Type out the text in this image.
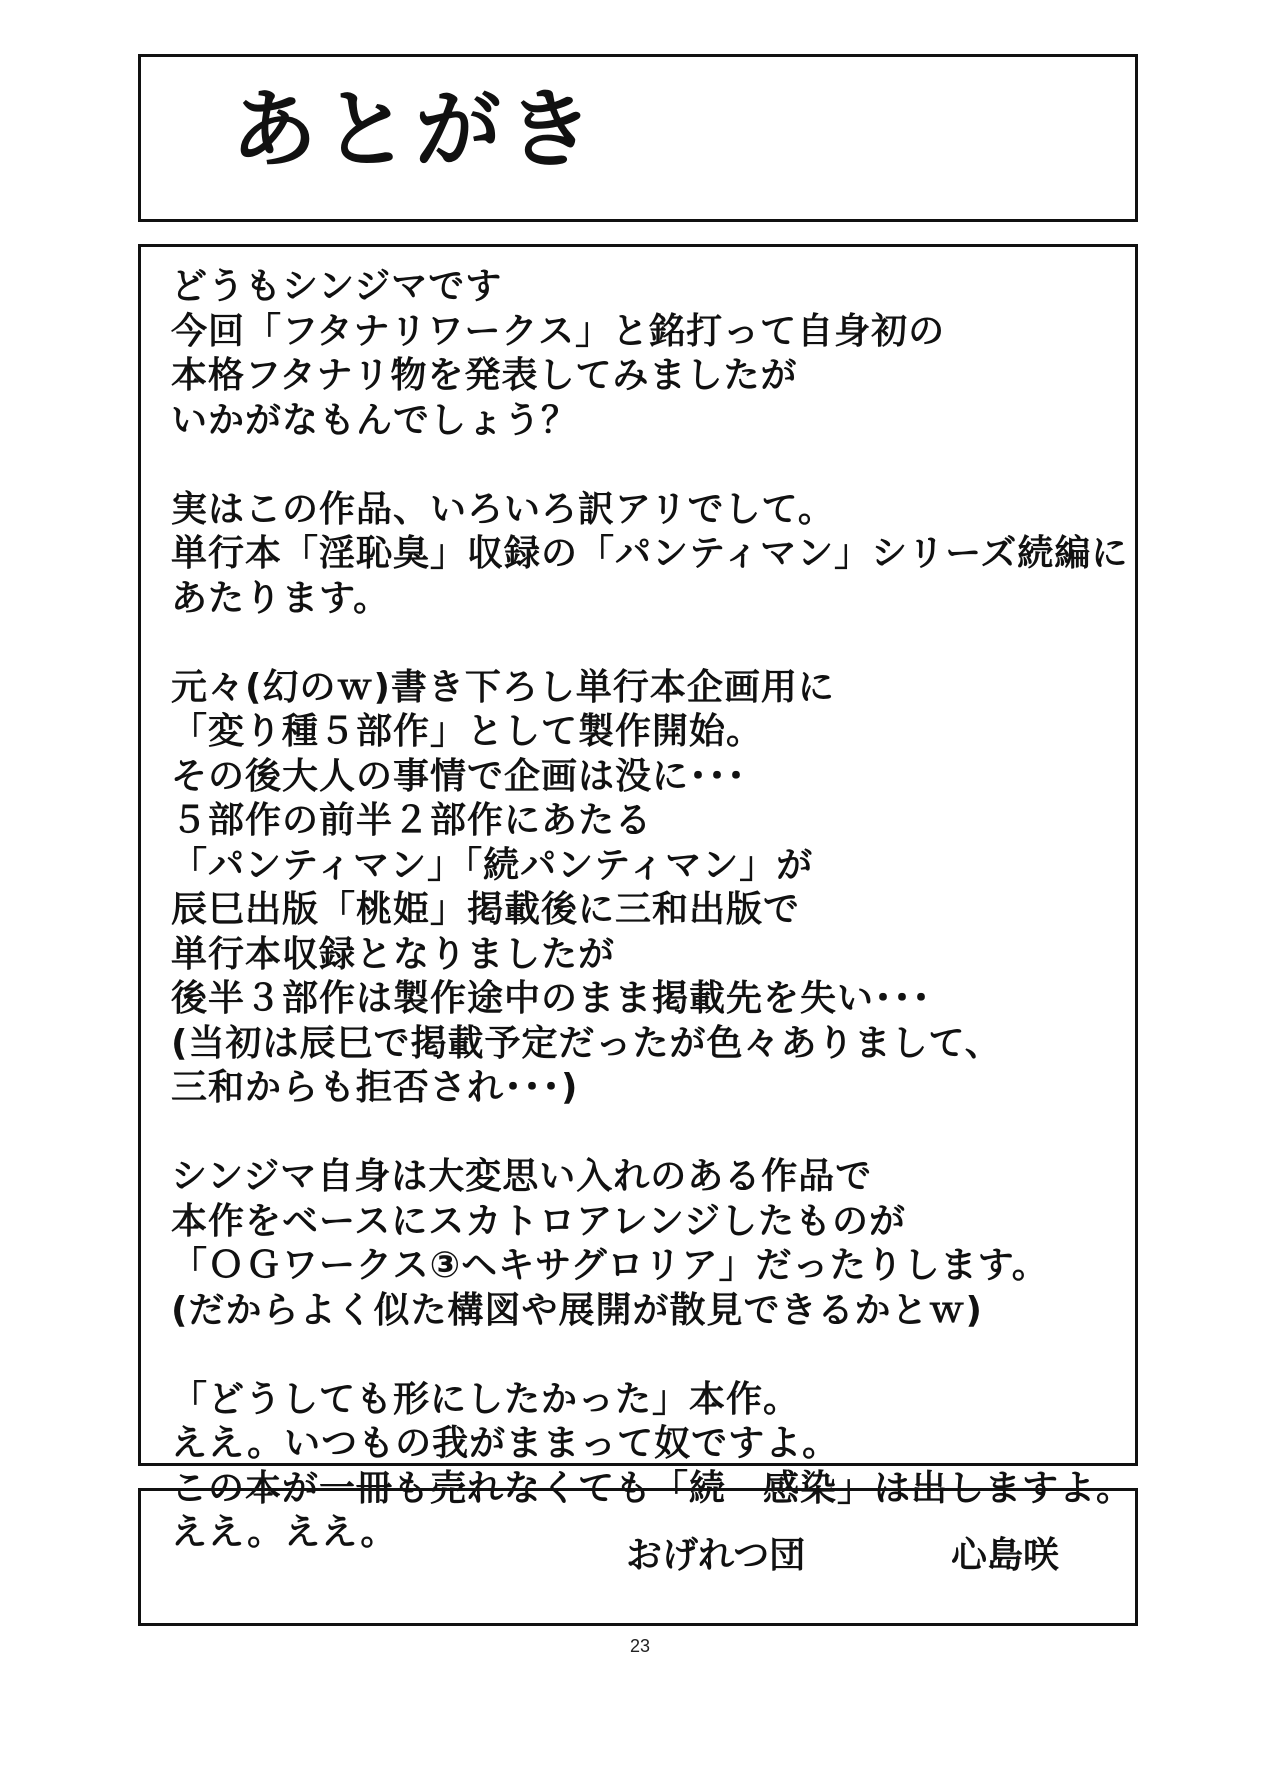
あとがき
どうもシンジマです
今回「フタナリワークス」と銘打って自身初の
本格フタナリ物を発表してみましたが
いかがなもんでしょう？
実はこの作品、いろいろ訳アリでして。
単行本「淫恥臭」収録の「パンティマン」シリーズ続編に
あたります。
元々(幻のｗ)書き下ろし単行本企画用に
「変り種５部作」として製作開始。
その後大人の事情で企画は没に･･･
５部作の前半２部作にあたる
「パンティマン」「続パンティマン」が
辰巳出版「桃姫」掲載後に三和出版で
単行本収録となりましたが
後半３部作は製作途中のまま掲載先を失い･･･
(当初は辰巳で掲載予定だったが色々ありまして、
三和からも拒否され･･･)
シンジマ自身は大変思い入れのある作品で
本作をベースにスカトロアレンジしたものが
「ＯＧワークス③ヘキサグロリア」だったりします。
(だからよく似た構図や展開が散見できるかとｗ)
「どうしても形にしたかった」本作。
ええ。いつもの我がままって奴ですよ。
この本が一冊も売れなくても「続　感染」は出しますよ。
ええ。ええ。
おげれつ団	心島咲
23
